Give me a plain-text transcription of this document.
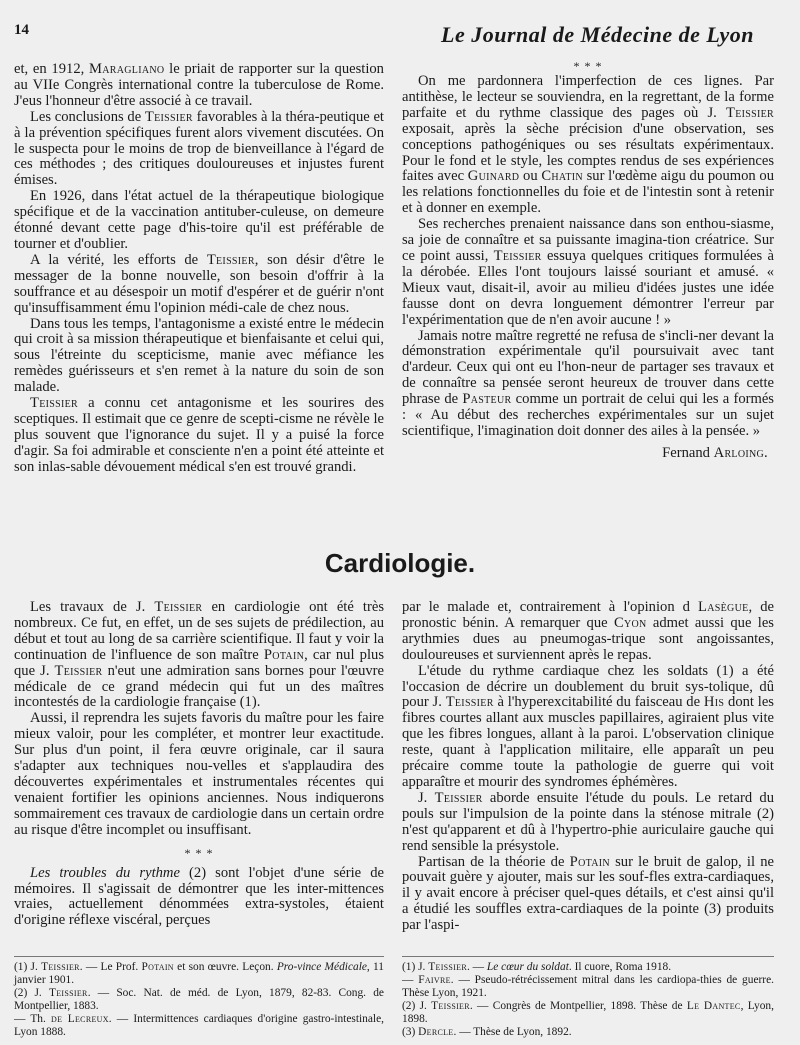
14	Le Journal de Médecine de Lyon

et, en 1912, Maragliano le priait de rapporter sur la question au VIIe Congrès international contre la tuberculose de Rome. J'eus l'honneur d'être associé à ce travail.

Les conclusions de Teissier favorables à la théra-peutique et à la prévention spécifiques furent alors vivement discutées. On le suspecta pour le moins de trop de bienveillance à l'égard de ces méthodes ; des critiques douloureuses et injustes furent émises.

En 1926, dans l'état actuel de la thérapeutique biologique spécifique et de la vaccination antituber-culeuse, on demeure étonné devant cette page d'his-toire qu'il est préférable de tourner et d'oublier.

A la vérité, les efforts de Teissier, son désir d'être le messager de la bonne nouvelle, son besoin d'offrir à la souffrance et au désespoir un motif d'espérer et de guérir n'ont qu'insuffisamment ému l'opinion médi-cale de chez nous.

Dans tous les temps, l'antagonisme a existé entre le médecin qui croit à sa mission thérapeutique et bienfaisante et celui qui, sous l'étreinte du scepticisme, manie avec méfiance les remèdes guérisseurs et s'en remet à la nature du soin de son malade.

Teissier a connu cet antagonisme et les sourires des sceptiques. Il estimait que ce genre de scepti-cisme ne révèle le plus souvent que l'ignorance du sujet. Il y a puisé la force d'agir. Sa foi admirable et consciente n'en a point été atteinte et son inlas-sable dévouement médical s'en est trouvé grandi.

* * *

On me pardonnera l'imperfection de ces lignes. Par antithèse, le lecteur se souviendra, en la regrettant, de la forme parfaite et du rythme classique des pages où J. Teissier exposait, après la sèche précision d'une observation, ses conceptions pathogéniques ou ses résultats expérimentaux. Pour le fond et le style, les comptes rendus de ses expériences faites avec Guinard ou Chatin sur l'œdème aigu du poumon ou les relations fonctionnelles du foie et de l'intestin sont à retenir et à donner en exemple.

Ses recherches prenaient naissance dans son enthou-siasme, sa joie de connaître et sa puissante imagina-tion créatrice. Sur ce point aussi, Teissier essuya quelques critiques formulées à la dérobée. Elles l'ont toujours laissé souriant et amusé. « Mieux vaut, disait-il, avoir au milieu d'idées justes une idée fausse dont on devra longuement démontrer l'erreur par l'expérimentation que de n'en avoir aucune ! »

Jamais notre maître regretté ne refusa de s'incli-ner devant la démonstration expérimentale qu'il poursuivait avec tant d'ardeur. Ceux qui ont eu l'hon-neur de partager ses travaux et de connaître sa pensée seront heureux de trouver dans cette phrase de Pasteur comme un portrait de celui qui les a formés : « Au début des recherches expérimentales sur un sujet scientifique, l'imagination doit donner des ailes à la pensée. »

Fernand Arloing.

Cardiologie.

Les travaux de J. Teissier en cardiologie ont été très nombreux. Ce fut, en effet, un de ses sujets de prédilection, au début et tout au long de sa carrière scientifique. Il faut y voir la continuation de l'influence de son maître Potain, car nul plus que J. Teissier n'eut une admiration sans bornes pour l'œuvre médicale de ce grand médecin qui fut un des maîtres incontestés de la cardiologie française (1).

Aussi, il reprendra les sujets favoris du maître pour les faire mieux valoir, pour les compléter, et montrer leur exactitude. Sur plus d'un point, il fera œuvre originale, car il saura s'adapter aux techniques nou-velles et s'applaudira des découvertes expérimentales et instrumentales récentes qui venaient fortifier les opinions anciennes. Nous indiquerons sommairement ces travaux de cardiologie dans un certain ordre au risque d'être incomplet ou insuffisant.

* * *

Les troubles du rythme (2) sont l'objet d'une série de mémoires. Il s'agissait de démontrer que les inter-mittences vraies, actuellement dénommées extra-systoles, étaient d'origine réflexe viscéral, perçues

par le malade et, contrairement à l'opinion d Lasègue, de pronostic bénin. A remarquer que Cyon admet aussi que les arythmies dues au pneumogas-trique sont angoissantes, douloureuses et surviennent après le repas.

L'étude du rythme cardiaque chez les soldats (1) a été l'occasion de décrire un doublement du bruit sys-tolique, dû pour J. Teissier à l'hyperexcitabilité du faisceau de His dont les fibres courtes allant aux muscles papillaires, agiraient plus vite que les fibres longues, allant à la paroi. L'observation clinique reste, quant à l'application militaire, elle apparaît un peu précaire comme toute la pathologie de guerre qui voit apparaître et mourir des syndromes éphémères.

J. Teissier aborde ensuite l'étude du pouls. Le retard du pouls sur l'impulsion de la pointe dans la sténose mitrale (2) n'est qu'apparent et dû à l'hypertro-phie auriculaire gauche qui rend sensible la présystole.

Partisan de la théorie de Potain sur le bruit de galop, il ne pouvait guère y ajouter, mais sur les souf-fles extra-cardiaques, il y avait encore à préciser quel-ques détails, et c'est ainsi qu'il a étudié les souffles extra-cardiaques de la pointe (3) produits par l'aspi-

(1) J. Teissier. — Le Prof. Potain et son œuvre. Leçon. Pro-vince Médicale, 11 janvier 1901.

(2) J. Teissier. — Soc. Nat. de méd. de Lyon, 1879, 82-83. Cong. de Montpellier, 1883.

— Th. de Lecreux. — Intermittences cardiaques d'origine gastro-intestinale, Lyon 1888.

(1) J. Teissier. — Le cœur du soldat. Il cuore, Roma 1918.

— Faivre. — Pseudo-rétrécissement mitral dans les cardiopa-thies de guerre. Thèse Lyon, 1921.

(2) J. Teissier. — Congrès de Montpellier, 1898. Thèse de Le Dantec, Lyon, 1898.

(3) Dercle. — Thèse de Lyon, 1892.
